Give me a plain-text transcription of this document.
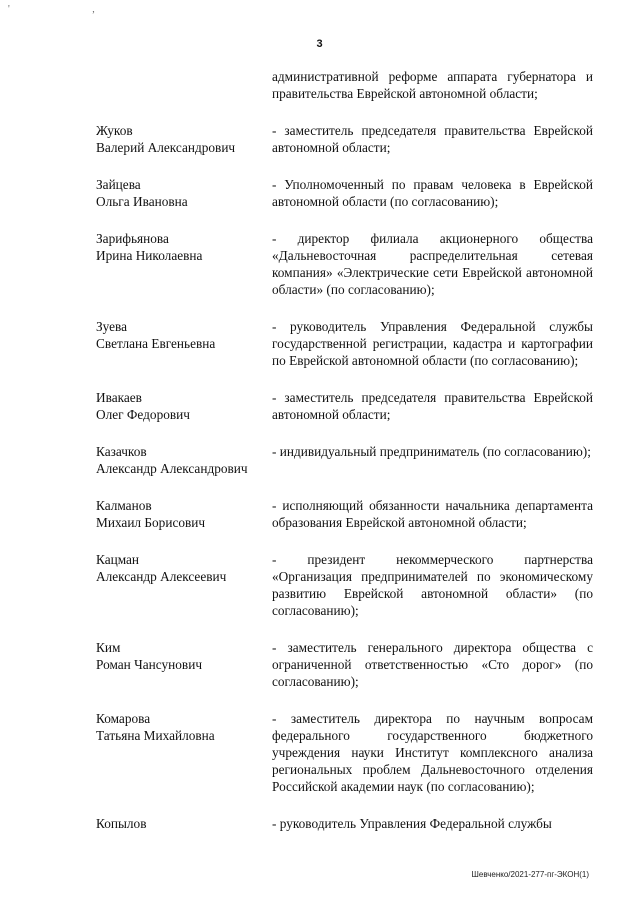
' ,
3
административной реформе аппарата губернатора и правительства Еврейской автономной области;
Жуков
Валерий Александрович
- заместитель председателя правительства Еврейской автономной области;
Зайцева
Ольга Ивановна
- Уполномоченный по правам человека в Еврейской автономной области (по согласованию);
Зарифьянова
Ирина Николаевна
- директор филиала акционерного общества «Дальневосточная распределительная сетевая компания» «Электрические сети Еврейской автономной области» (по согласованию);
Зуева
Светлана Евгеньевна
- руководитель Управления Федеральной службы государственной регистрации, кадастра и картографии по Еврейской автономной области (по согласованию);
Ивакаев
Олег Федорович
- заместитель председателя правительства Еврейской автономной области;
Казачков
Александр Александрович
- индивидуальный предприниматель (по согласованию);
Калманов
Михаил Борисович
- исполняющий обязанности начальника департамента образования Еврейской автономной области;
Кацман
Александр Алексеевич
- президент некоммерческого партнерства «Организация предпринимателей по экономическому развитию Еврейской автономной области» (по согласованию);
Ким
Роман Чансунович
- заместитель генерального директора общества с ограниченной ответственностью «Сто дорог» (по согласованию);
Комарова
Татьяна Михайловна
- заместитель директора по научным вопросам федерального государственного бюджетного учреждения науки Институт комплексного анализа региональных проблем Дальневосточного отделения Российской академии наук (по согласованию);
Копылов	- руководитель Управления Федеральной службы
Шевченко/2021-277-пг-ЭКОН(1)
